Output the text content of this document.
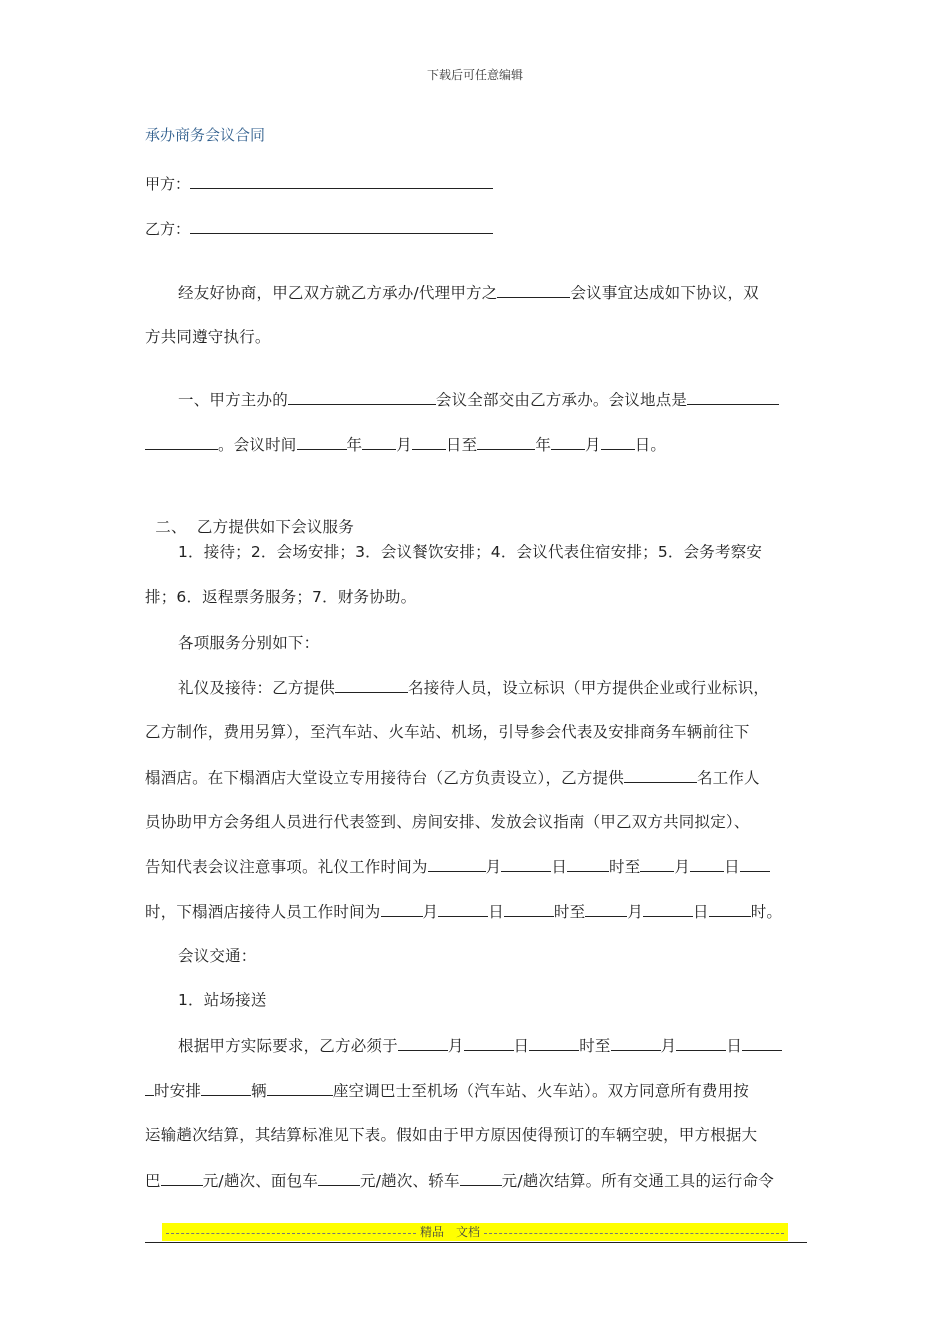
下载后可任意编辑
承办商务会议合同
甲方：
乙方：
经友好协商，甲乙双方就乙方承办/代理甲方之	会议事宜达成如下协议，双
方共同遵守执行。
一、甲方主办的	会议全部交由乙方承办。会议地点是
。会议时间	年 月 日至	年 月 日。

二、  乙方提供如下会议服务

1．接待；2．会场安排；3．会议餐饮安排；4．会议代表住宿安排；5．会务考察安
排；6．返程票务服务；7．财务协助。
各项服务分别如下：
礼仪及接待：乙方提供	名接待人员，设立标识（甲方提供企业或行业标识，
乙方制作，费用另算），至汽车站、火车站、机场，引导参会代表及安排商务车辆前往下
榻酒店。在下榻酒店大堂设立专用接待台（乙方负责设立），乙方提供	名工作人
员协助甲方会务组人员进行代表签到、房间安排、发放会议指南（甲乙双方共同拟定）、
告知代表会议注意事项。礼仪工作时间为	月	日	时至 月 日
时，下榻酒店接待人员工作时间为	月	日	时至	月	日	时。
会议交通：
1．站场接送
根据甲方实际要求，乙方必须于	月	日	时至	月	日
时安排	辆	座空调巴士至机场（汽车站、火车站）。双方同意所有费用按
运输趟次结算，其结算标准见下表。假如由于甲方原因使得预订的车辆空驶，甲方根据大
巴	元/趟次、面包车	元/趟次、轿车	元/趟次结算。所有交通工具的运行命令
精品　文档
